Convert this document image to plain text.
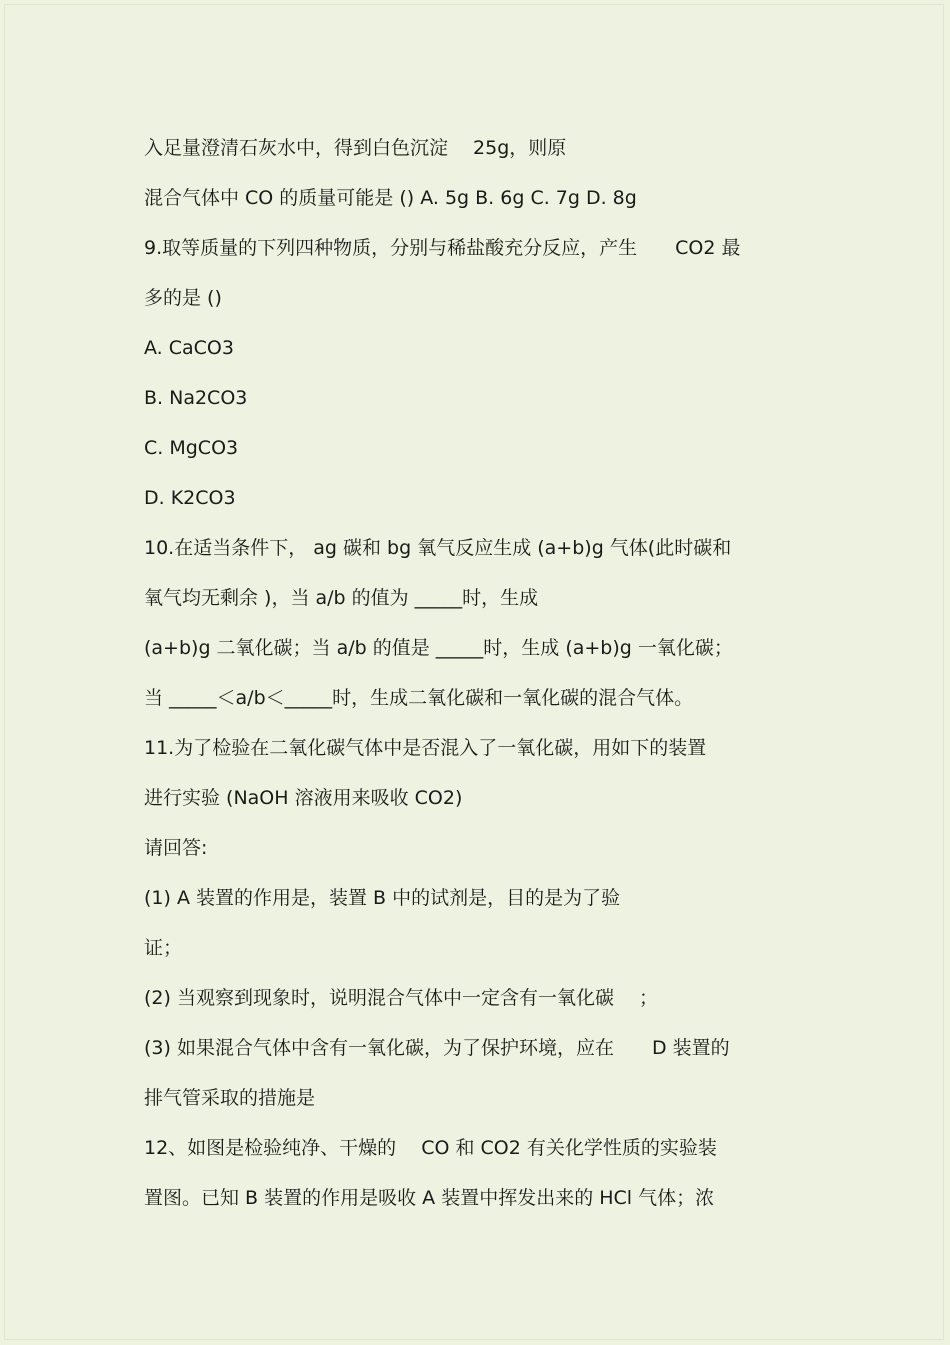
入足量澄清石灰水中，得到白色沉淀　 25g，则原
混合气体中 CO 的质量可能是 () A. 5g B. 6g C. 7g D. 8g
9.取等质量的下列四种物质，分别与稀盐酸充分反应，产生　　CO2 最
多的是 ()
A. CaCO3
B. Na2CO3
C. MgCO3
D. K2CO3
10.在适当条件下， ag 碳和 bg 氧气反应生成 (a+b)g 气体(此时碳和
氧气均无剩余 )，当 a/b 的值为 _____时，生成
(a+b)g 二氧化碳；当 a/b 的值是 _____时，生成 (a+b)g 一氧化碳；
当 _____＜a/b＜_____时，生成二氧化碳和一氧化碳的混合气体。
11.为了检验在二氧化碳气体中是否混入了一氧化碳，用如下的装置
进行实验 (NaOH 溶液用来吸收 CO2)
请回答:
(1) A 装置的作用是，装置 B 中的试剂是，目的是为了验
证；
(2) 当观察到现象时，说明混合气体中一定含有一氧化碳　 ；
(3) 如果混合气体中含有一氧化碳，为了保护环境，应在　　D 装置的
排气管采取的措施是
12、如图是检验纯净、干燥的　 CO 和 CO2 有关化学性质的实验装
置图。已知 B 装置的作用是吸收 A 装置中挥发出来的 HCl 气体；浓
